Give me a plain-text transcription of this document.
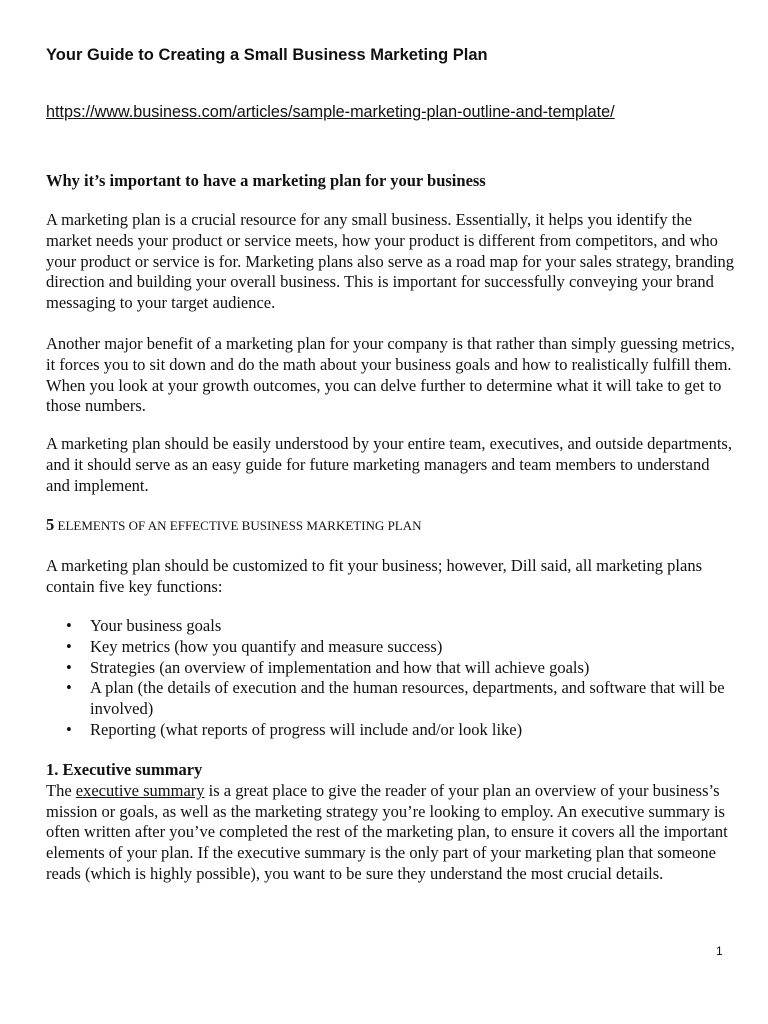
Your Guide to Creating a Small Business Marketing Plan
https://www.business.com/articles/sample-marketing-plan-outline-and-template/
Why it’s important to have a marketing plan for your business

A marketing plan is a crucial resource for any small business. Essentially, it helps you identify the market needs your product or service meets, how your product is different from competitors, and who your product or service is for. Marketing plans also serve as a road map for your sales strategy, branding direction and building your overall business. This is important for successfully conveying your brand messaging to your target audience.

Another major benefit of a marketing plan for your company is that rather than simply guessing metrics, it forces you to sit down and do the math about your business goals and how to realistically fulfill them. When you look at your growth outcomes, you can delve further to determine what it will take to get to those numbers.

A marketing plan should be easily understood by your entire team, executives, and outside departments, and it should serve as an easy guide for future marketing managers and team members to understand and implement.

5 ELEMENTS OF AN EFFECTIVE BUSINESS MARKETING PLAN

A marketing plan should be customized to fit your business; however, Dill said, all marketing plans contain five key functions:

• Your business goals
• Key metrics (how you quantify and measure success)
• Strategies (an overview of implementation and how that will achieve goals)
• A plan (the details of execution and the human resources, departments, and software that will be involved)
• Reporting (what reports of progress will include and/or look like)

1. Executive summary
The executive summary is a great place to give the reader of your plan an overview of your business’s mission or goals, as well as the marketing strategy you’re looking to employ. An executive summary is often written after you’ve completed the rest of the marketing plan, to ensure it covers all the important elements of your plan. If the executive summary is the only part of your marketing plan that someone reads (which is highly possible), you want to be sure they understand the most crucial details.

1
